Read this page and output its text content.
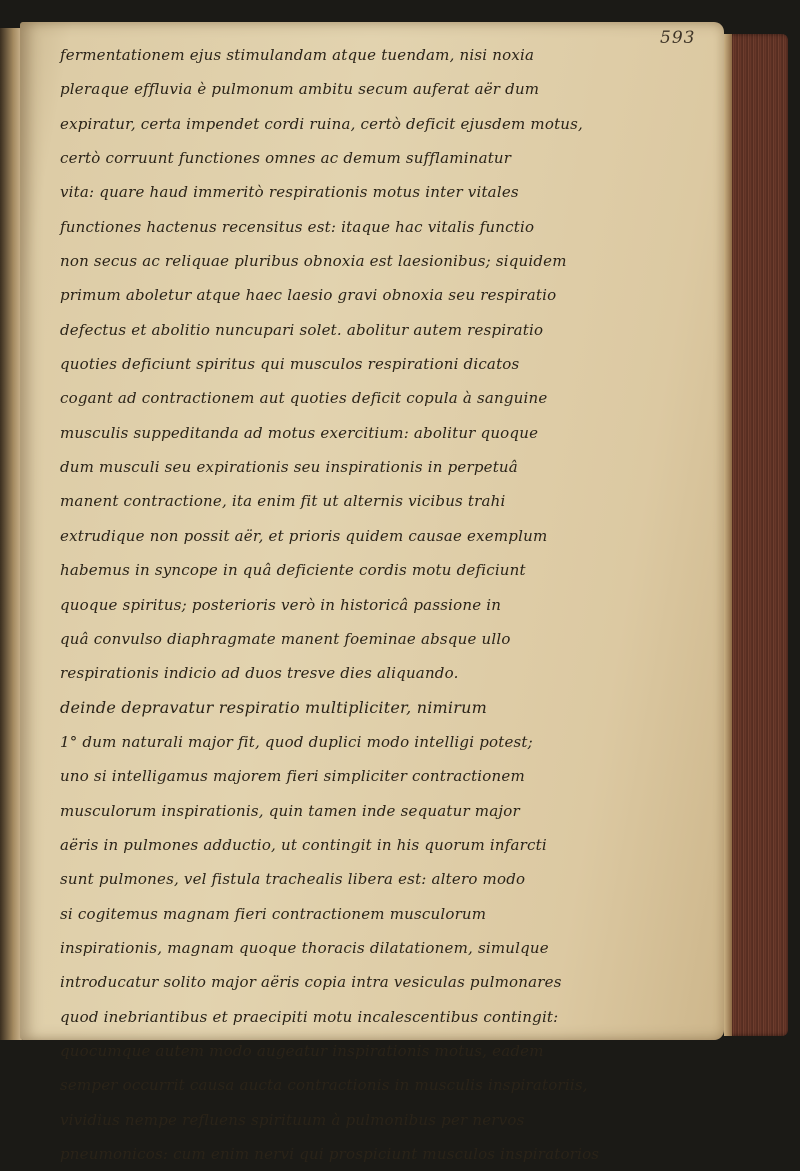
593
fermentationem ejus stimulandam atque tuendam, nisi noxia
pleraque effluvia è pulmonum ambitu secum auferat aër dum
expiratur, certa impendet cordi ruina, certò deficit ejusdem motus,
certò corruunt functiones omnes ac demum sufflaminatur
vita: quare haud immeritò respirationis motus inter vitales
functiones hactenus recensitus est: itaque hac vitalis functio
non secus ac reliquae pluribus obnoxia est laesionibus; siquidem
primum aboletur atque haec laesio gravi obnoxia seu respiratio
defectus et abolitio nuncupari solet. abolitur autem respiratio
quoties deficiunt spiritus qui musculos respirationi dicatos
cogant ad contractionem aut quoties deficit copula à sanguine
musculis suppeditanda ad motus exercitium: abolitur quoque
dum musculi seu expirationis seu inspirationis in perpetuâ
manent contractione, ita enim fit ut alternis vicibus trahi
extrudique non possit aër, et prioris quidem causae exemplum
habemus in syncope in quâ deficiente cordis motu deficiunt
quoque spiritus; posterioris verò in historicâ passione in
quâ convulso diaphragmate manent foeminae absque ullo
respirationis indicio ad duos tresve dies aliquando.
deinde depravatur respiratio multipliciter, nimirum
1° dum naturali major fit, quod duplici modo intelligi potest;
uno si intelligamus majorem fieri simpliciter contractionem
musculorum inspirationis, quin tamen inde sequatur major
aëris in pulmones adductio, ut contingit in his quorum infarcti
sunt pulmones, vel fistula trachealis libera est: altero modo
si cogitemus magnam fieri contractionem musculorum
inspirationis, magnam quoque thoracis dilatationem, simulque
introducatur solito major aëris copia intra vesiculas pulmonares
quod inebriantibus et praecipiti motu incalescentibus contingit:
quocumque autem modo augeatur inspirationis motus, eadem
semper occurrit causa aucta contractionis in musculis inspiratoriis,
vividius nempe refluens spirituum à pulmonibus per nervos
pneumonicos: cum enim nervi qui prospiciunt musculos inspiratorios
